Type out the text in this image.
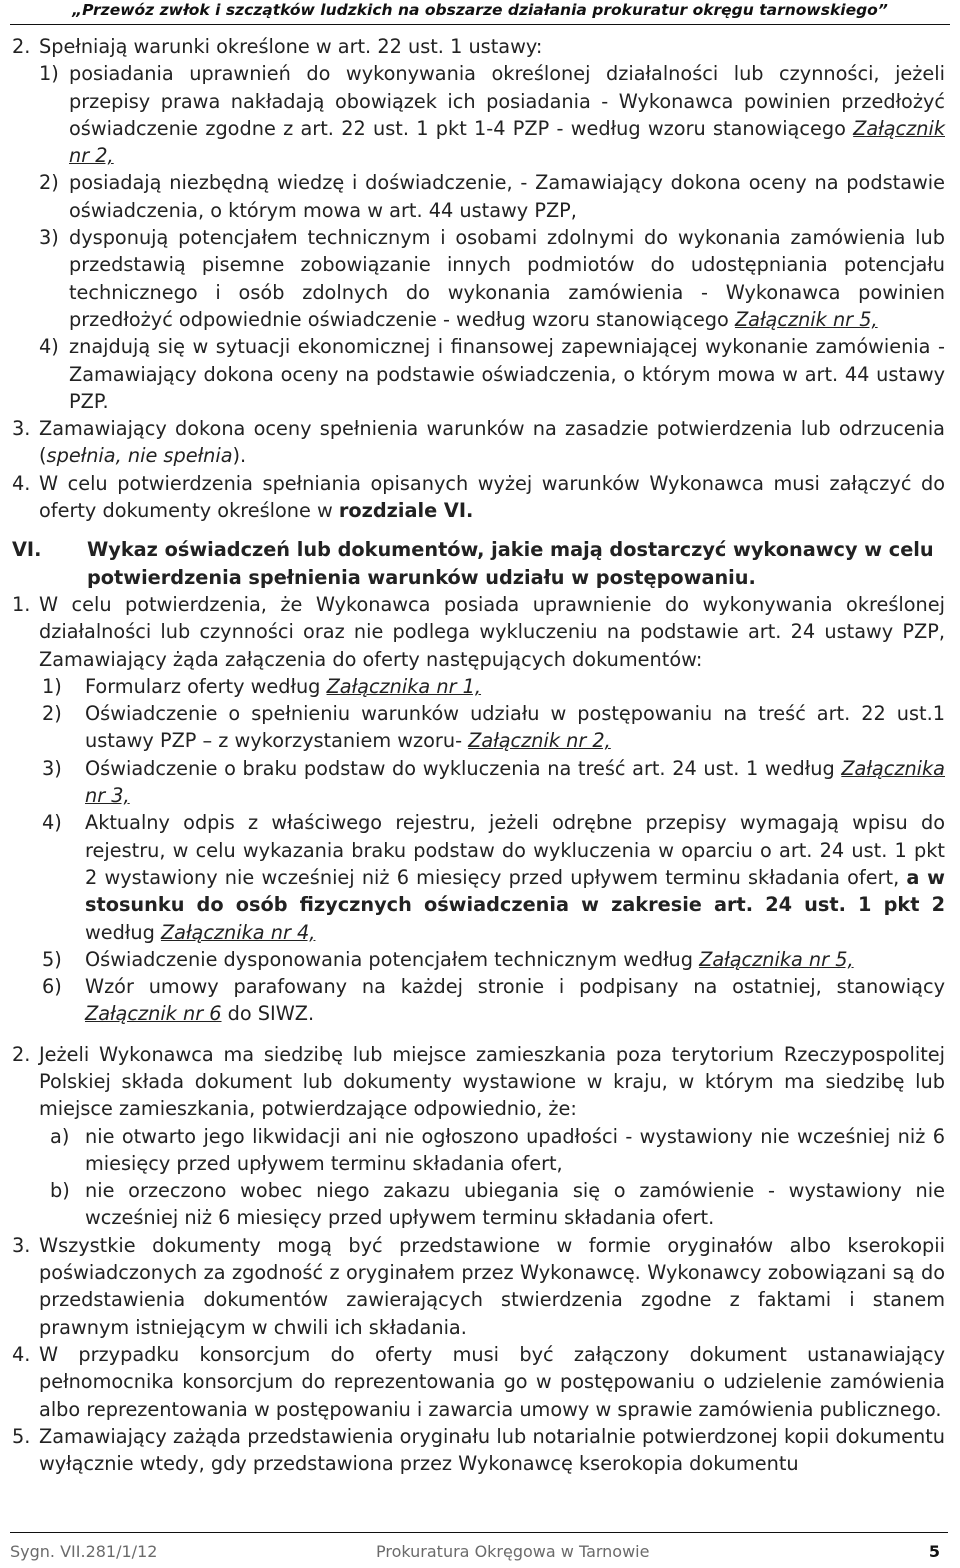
„Przewóz zwłok i szczątków ludzkich na obszarze działania prokuratur okręgu tarnowskiego”
2. Spełniają warunki określone w art. 22 ust. 1 ustawy:
1) posiadania uprawnień do wykonywania określonej działalności lub czynności, jeżeli przepisy prawa nakładają obowiązek ich posiadania - Wykonawca powinien przedłożyć oświadczenie zgodne z art. 22 ust. 1 pkt 1-4 PZP - według wzoru stanowiącego Załącznik nr 2,
2) posiadają niezbędną wiedzę i doświadczenie, - Zamawiający dokona oceny na podstawie oświadczenia, o którym mowa w art. 44 ustawy PZP,
3) dysponują potencjałem technicznym i osobami zdolnymi do wykonania zamówienia lub przedstawią pisemne zobowiązanie innych podmiotów do udostępniania potencjału technicznego i osób zdolnych do wykonania zamówienia - Wykonawca powinien przedłożyć odpowiednie oświadczenie - według wzoru stanowiącego Załącznik nr 5,
4) znajdują się w sytuacji ekonomicznej i finansowej zapewniającej wykonanie zamówienia - Zamawiający dokona oceny na podstawie oświadczenia, o którym mowa w art. 44 ustawy PZP.
3. Zamawiający dokona oceny spełnienia warunków na zasadzie potwierdzenia lub odrzucenia (spełnia, nie spełnia).
4. W celu potwierdzenia spełniania opisanych wyżej warunków Wykonawca musi załączyć do oferty dokumenty określone w rozdziale VI.
VI.	Wykaz oświadczeń lub dokumentów, jakie mają dostarczyć wykonawcy w celu potwierdzenia spełnienia warunków udziału w postępowaniu.
1. W celu potwierdzenia, że Wykonawca posiada uprawnienie do wykonywania określonej działalności lub czynności oraz nie podlega wykluczeniu na podstawie art. 24 ustawy PZP, Zamawiający żąda załączenia do oferty następujących dokumentów:
1)	Formularz oferty według Załącznika nr 1,
2)	Oświadczenie o spełnieniu warunków udziału w postępowaniu na treść art. 22 ust.1 ustawy PZP – z wykorzystaniem wzoru- Załącznik nr 2,
3)	Oświadczenie o braku podstaw do wykluczenia na treść art. 24 ust. 1 według Załącznika nr 3,
4)	Aktualny odpis z właściwego rejestru, jeżeli odrębne przepisy wymagają wpisu do rejestru, w celu wykazania braku podstaw do wykluczenia w oparciu o art. 24 ust. 1 pkt 2 wystawiony nie wcześniej niż 6 miesięcy przed upływem terminu składania ofert, a w stosunku do osób fizycznych oświadczenia w zakresie art. 24 ust. 1 pkt 2 według Załącznika nr 4,
5)	Oświadczenie dysponowania potencjałem technicznym według Załącznika nr 5,
6)	Wzór umowy parafowany na każdej stronie i podpisany na ostatniej, stanowiący Załącznik nr 6 do SIWZ.
2. Jeżeli Wykonawca ma siedzibę lub miejsce zamieszkania poza terytorium Rzeczypospolitej Polskiej składa dokument lub dokumenty wystawione w kraju, w którym ma siedzibę lub miejsce zamieszkania, potwierdzające odpowiednio, że:
a) nie otwarto jego likwidacji ani nie ogłoszono upadłości - wystawiony nie wcześniej niż 6 miesięcy przed upływem terminu składania ofert,
b) nie orzeczono wobec niego zakazu ubiegania się o zamówienie - wystawiony nie wcześniej niż 6 miesięcy przed upływem terminu składania ofert.
3. Wszystkie dokumenty mogą być przedstawione w formie oryginałów albo kserokopii poświadczonych za zgodność z oryginałem przez Wykonawcę. Wykonawcy zobowiązani są do przedstawienia dokumentów zawierających stwierdzenia zgodne z faktami i stanem prawnym istniejącym w chwili ich składania.
4. W przypadku konsorcjum do oferty musi być załączony dokument ustanawiający pełnomocnika konsorcjum do reprezentowania go w postępowaniu o udzielenie zamówienia albo reprezentowania w postępowaniu i zawarcia umowy w sprawie zamówienia publicznego.
5. Zamawiający zażąda przedstawienia oryginału lub notarialnie potwierdzonej kopii dokumentu wyłącznie wtedy, gdy przedstawiona przez Wykonawcę kserokopia dokumentu
Sygn. VII.281/1/12	Prokuratura Okręgowa w Tarnowie	5
